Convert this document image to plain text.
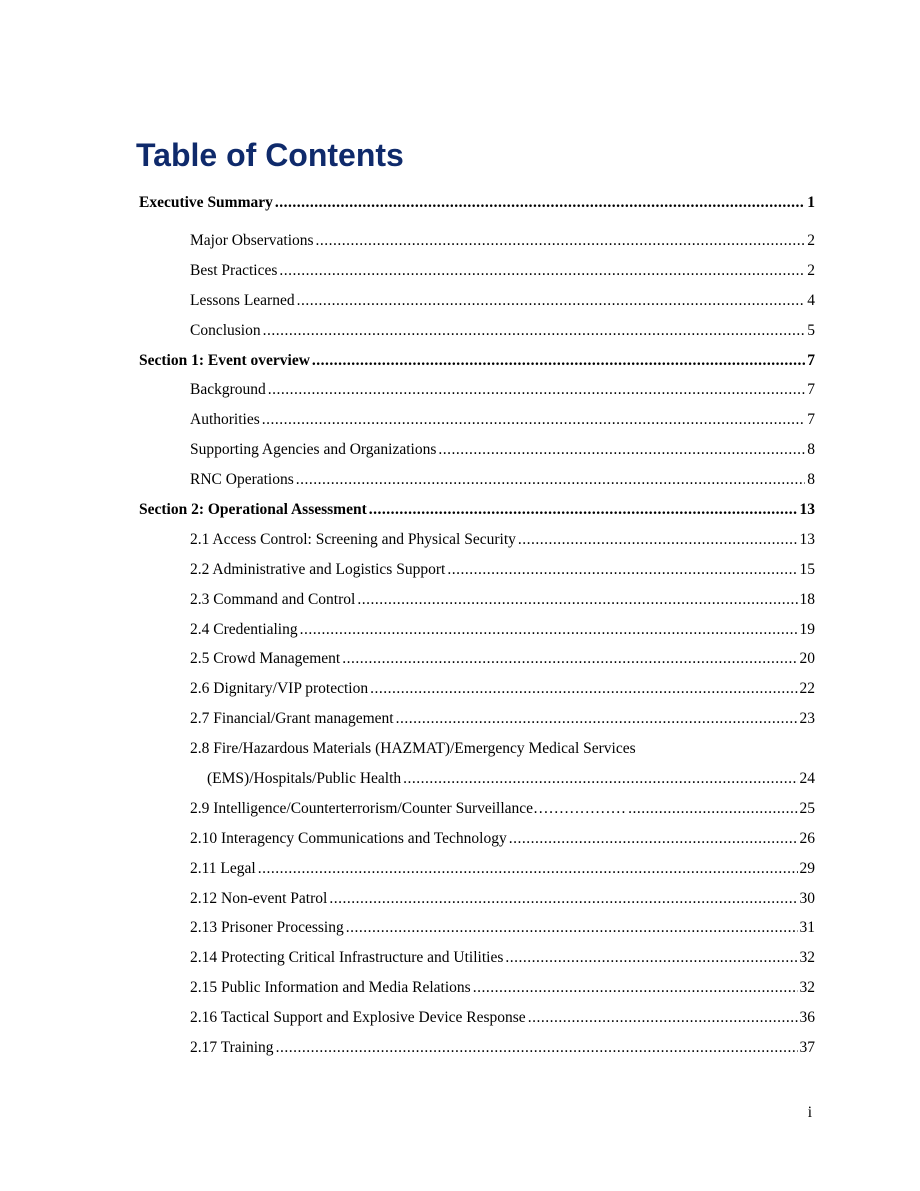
Table of Contents
Executive Summary .....	1
Major Observations .....	2
Best Practices .....	2
Lessons Learned .....	4
Conclusion .....	5
Section 1: Event overview .....	7
Background .....	7
Authorities .....	7
Supporting Agencies and Organizations .....	8
RNC Operations .....	8
Section 2: Operational Assessment .....	13
2.1 Access Control: Screening and Physical Security .....	13
2.2 Administrative and Logistics Support .....	15
2.3 Command and Control .....	18
2.4 Credentialing .....	19
2.5 Crowd Management .....	20
2.6 Dignitary/VIP protection .....	22
2.7 Financial/Grant management .....	23
2.8 Fire/Hazardous Materials (HAZMAT)/Emergency Medical Services
(EMS)/Hospitals/Public Health .....	24
2.9 Intelligence/Counterterrorism/Counter Surveillance……………… .....	25
2.10 Interagency Communications and Technology .....	26
2.11 Legal .....	29
2.12 Non-event Patrol .....	30
2.13 Prisoner Processing .....	31
2.14 Protecting Critical Infrastructure and Utilities .....	32
2.15 Public Information and Media Relations .....	32
2.16 Tactical Support and Explosive Device Response .....	36
2.17 Training .....	37
i
